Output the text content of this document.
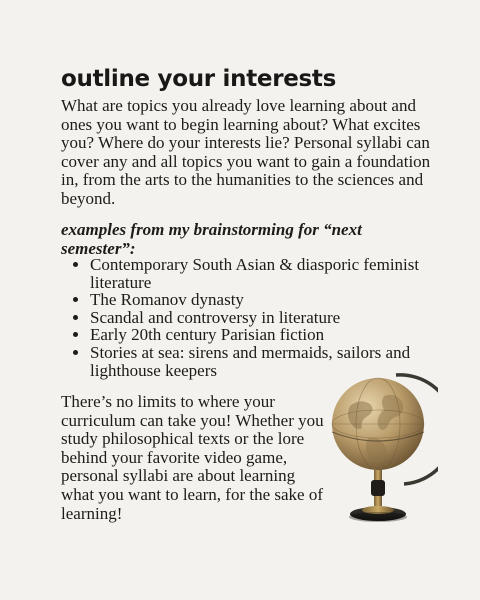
outline your interests

What are topics you already love learning about and ones you want to begin learning about? What excites you? Where do your interests lie? Personal syllabi can cover any and all topics you want to gain a foundation in, from the arts to the humanities to the sciences and beyond.

examples from my brainstorming for “next semester”:

• Contemporary South Asian & diasporic feminist literature
• The Romanov dynasty
• Scandal and controversy in literature
• Early 20th century Parisian fiction
• Stories at sea: sirens and mermaids, sailors and lighthouse keepers

There’s no limits to where your curriculum can take you! Whether you study philosophical texts or the lore behind your favorite video game, personal syllabi are about learning what you want to learn, for the sake of learning!
